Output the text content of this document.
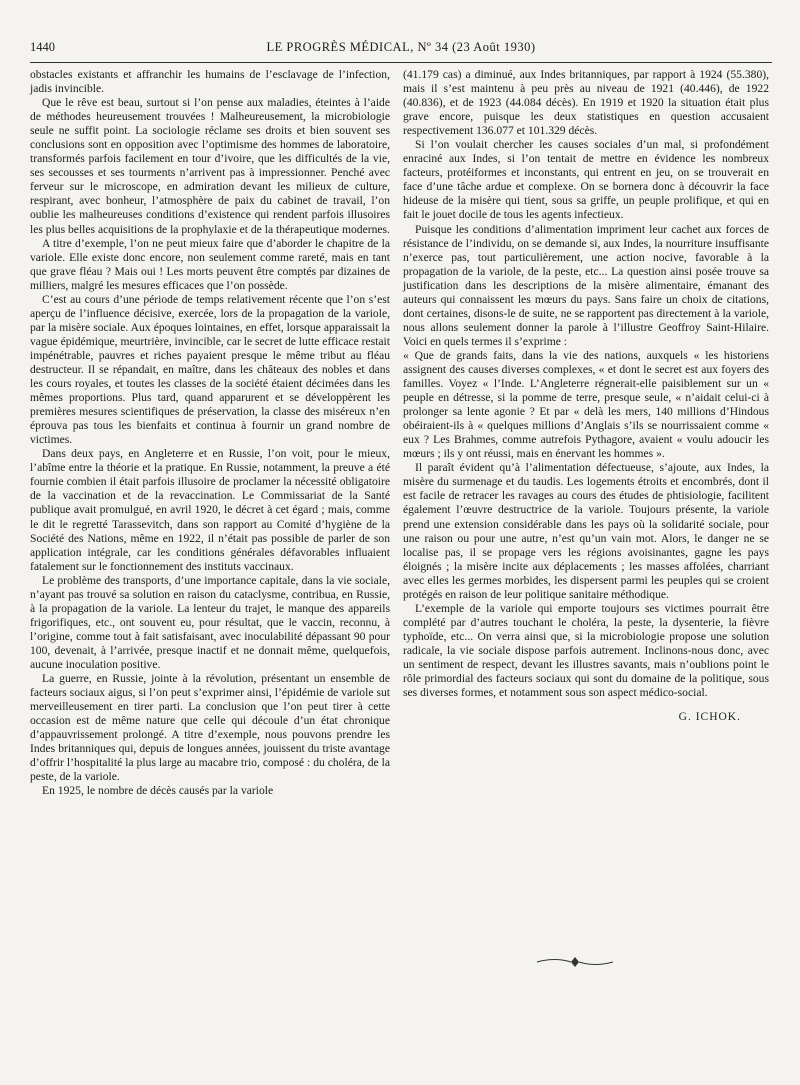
1440	LE PROGRÈS MÉDICAL, Nº 34 (23 Août 1930)

obstacles existants et affranchir les humains de l’esclavage de l’infection, jadis invincible.

Que le rêve est beau, surtout si l’on pense aux maladies, éteintes à l’aide de méthodes heureusement trouvées ! Malheureusement, la microbiologie seule ne suffit point. La sociologie réclame ses droits et bien souvent ses conclusions sont en opposition avec l’optimisme des hommes de laboratoire, transformés parfois facilement en tour d’ivoire, que les difficultés de la vie, ses secousses et ses tourments n’arrivent pas à impressionner. Penché avec ferveur sur le microscope, en admiration devant les milieux de culture, respirant, avec bonheur, l’atmosphère de paix du cabinet de travail, l’on oublie les malheureuses conditions d’existence qui rendent parfois illusoires les plus belles acquisitions de la prophylaxie et de la thérapeutique modernes.

A titre d’exemple, l’on ne peut mieux faire que d’aborder le chapitre de la variole. Elle existe donc encore, non seulement comme rareté, mais en tant que grave fléau ? Mais oui ! Les morts peuvent être comptés par dizaines de milliers, malgré les mesures efficaces que l’on possède.

C’est au cours d’une période de temps relativement récente que l’on s’est aperçu de l’influence décisive, exercée, lors de la propagation de la variole, par la misère sociale. Aux époques lointaines, en effet, lorsque apparaissait la vague épidémique, meurtrière, invincible, car le secret de lutte efficace restait impénétrable, pauvres et riches payaient presque le même tribut au fléau destructeur. Il se répandait, en maître, dans les châteaux des nobles et dans les cours royales, et toutes les classes de la société étaient décimées dans les mêmes proportions. Plus tard, quand apparurent et se développèrent les premières mesures scientifiques de préservation, la classe des miséreux n’en éprouva pas tous les bienfaits et continua à fournir un grand nombre de victimes.

Dans deux pays, en Angleterre et en Russie, l’on voit, pour le mieux, l’abîme entre la théorie et la pratique. En Russie, notamment, la preuve a été fournie combien il était parfois illusoire de proclamer la nécessité obligatoire de la vaccination et de la revaccination. Le Commissariat de la Santé publique avait promulgué, en avril 1920, le décret à cet égard ; mais, comme le dit le regretté Tarassevitch, dans son rapport au Comité d’hygiène de la Société des Nations, même en 1922, il n’était pas possible de parler de son application intégrale, car les conditions générales défavorables influaient fatalement sur le fonctionnement des instituts vaccinaux.

Le problème des transports, d’une importance capitale, dans la vie sociale, n’ayant pas trouvé sa solution en raison du cataclysme, contribua, en Russie, à la propagation de la variole. La lenteur du trajet, le manque des appareils frigorifiques, etc., ont souvent eu, pour résultat, que le vaccin, reconnu, à l’origine, comme tout à fait satisfaisant, avec inoculabilité dépassant 90 pour 100, devenait, à l’arrivée, presque inactif et ne donnait même, quelquefois, aucune inoculation positive.

La guerre, en Russie, jointe à la révolution, présentant un ensemble de facteurs sociaux aigus, si l’on peut s’exprimer ainsi, l’épidémie de variole sut merveilleusement en tirer parti. La conclusion que l’on peut tirer à cette occasion est de même nature que celle qui découle d’un état chronique d’appauvrissement prolongé. A titre d’exemple, nous pouvons prendre les Indes britanniques qui, depuis de longues années, jouissent du triste avantage d’offrir l’hospitalité la plus large au macabre trio, composé : du choléra, de la peste, de la variole.

En 1925, le nombre de décès causés par la variole

(41.179 cas) a diminué, aux Indes britanniques, par rapport à 1924 (55.380), mais il s’est maintenu à peu près au niveau de 1921 (40.446), de 1922 (40.836), et de 1923 (44.084 décès). En 1919 et 1920 la situation était plus grave encore, puisque les deux statistiques en question accusaient respectivement 136.077 et 101.329 décès.

Si l’on voulait chercher les causes sociales d’un mal, si profondément enraciné aux Indes, si l’on tentait de mettre en évidence les nombreux facteurs, protéiformes et inconstants, qui entrent en jeu, on se trouverait en face d’une tâche ardue et complexe. On se bornera donc à découvrir la face hideuse de la misère qui tient, sous sa griffe, un peuple prolifique, et qui en fait le jouet docile de tous les agents infectieux.

Puisque les conditions d’alimentation impriment leur cachet aux forces de résistance de l’individu, on se demande si, aux Indes, la nourriture insuffisante n’exerce pas, tout particulièrement, une action nocive, favorable à la propagation de la variole, de la peste, etc... La question ainsi posée trouve sa justification dans les descriptions de la misère alimentaire, émanant des auteurs qui connaissent les mœurs du pays. Sans faire un choix de citations, dont certaines, disons-le de suite, ne se rapportent pas directement à la variole, nous allons seulement donner la parole à l’illustre Geoffroy Saint-Hilaire. Voici en quels termes il s’exprime :

« Que de grands faits, dans la vie des nations, auxquels « les historiens assignent des causes diverses complexes, « et dont le secret est aux foyers des familles. Voyez « l’Inde. L’Angleterre régnerait-elle paisiblement sur un « peuple en détresse, si la pomme de terre, presque seule, « n’aidait celui-ci à prolonger sa lente agonie ? Et par « delà les mers, 140 millions d’Hindous obéiraient-ils à « quelques millions d’Anglais s’ils se nourrissaient comme « eux ? Les Brahmes, comme autrefois Pythagore, avaient « voulu adoucir les mœurs ; ils y ont réussi, mais en énervant les hommes ».

Il paraît évident qu’à l’alimentation défectueuse, s’ajoute, aux Indes, la misère du surmenage et du taudis. Les logements étroits et encombrés, dont il est facile de retracer les ravages au cours des études de phtisiologie, facilitent également l’œuvre destructrice de la variole. Toujours présente, la variole prend une extension considérable dans les pays où la solidarité sociale, pour une raison ou pour une autre, n’est qu’un vain mot. Alors, le danger ne se localise pas, il se propage vers les régions avoisinantes, gagne les pays éloignés ; la misère incite aux déplacements ; les masses affolées, charriant avec elles les germes morbides, les dispersent parmi les peuples qui se croient protégés en raison de leur politique sanitaire méthodique.

L’exemple de la variole qui emporte toujours ses victimes pourrait être complété par d’autres touchant le choléra, la peste, la dysenterie, la fièvre typhoïde, etc... On verra ainsi que, si la microbiologie propose une solution radicale, la vie sociale dispose parfois autrement. Inclinons-nous donc, avec un sentiment de respect, devant les illustres savants, mais n’oublions point le rôle primordial des facteurs sociaux qui sont du domaine de la politique, sous ses diverses formes, et notamment sous son aspect médico-social.

G. ICHOK.
